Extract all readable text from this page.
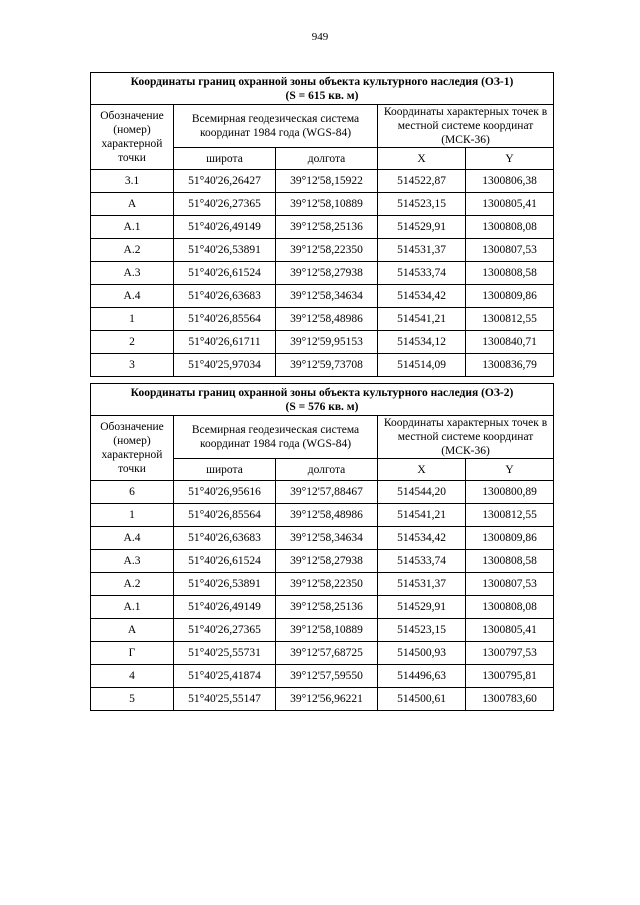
949
Координаты границ охранной зоны объекта культурного наследия (ОЗ-1)
(S = 615 кв. м)				

Обозначение (номер) характерной точки	Всемирная геодезическая система координат 1984 года (WGS-84)		Координаты характерных точек в местной системе координат (МСК-36)	
	широта	долгота	X	Y
3.1	51°40'26,26427	39°12'58,15922	514522,87	1300806,38
А	51°40'26,27365	39°12'58,10889	514523,15	1300805,41
А.1	51°40'26,49149	39°12'58,25136	514529,91	1300808,08
А.2	51°40'26,53891	39°12'58,22350	514531,37	1300807,53
А.3	51°40'26,61524	39°12'58,27938	514533,74	1300808,58
А.4	51°40'26,63683	39°12'58,34634	514534,42	1300809,86
1	51°40'26,85564	39°12'58,48986	514541,21	1300812,55
2	51°40'26,61711	39°12'59,95153	514534,12	1300840,71
3	51°40'25,97034	39°12'59,73708	514514,09	1300836,79
Координаты границ охранной зоны объекта культурного наследия (ОЗ-2)
(S = 576 кв. м)				

Обозначение (номер) характерной точки	Всемирная геодезическая система координат 1984 года (WGS-84)		Координаты характерных точек в местной системе координат (МСК-36)	
	широта	долгота	X	Y
6	51°40'26,95616	39°12'57,88467	514544,20	1300800,89
1	51°40'26,85564	39°12'58,48986	514541,21	1300812,55
А.4	51°40'26,63683	39°12'58,34634	514534,42	1300809,86
А.3	51°40'26,61524	39°12'58,27938	514533,74	1300808,58
А.2	51°40'26,53891	39°12'58,22350	514531,37	1300807,53
А.1	51°40'26,49149	39°12'58,25136	514529,91	1300808,08
А	51°40'26,27365	39°12'58,10889	514523,15	1300805,41
Г	51°40'25,55731	39°12'57,68725	514500,93	1300797,53
4	51°40'25,41874	39°12'57,59550	514496,63	1300795,81
5	51°40'25,55147	39°12'56,96221	514500,61	1300783,60
